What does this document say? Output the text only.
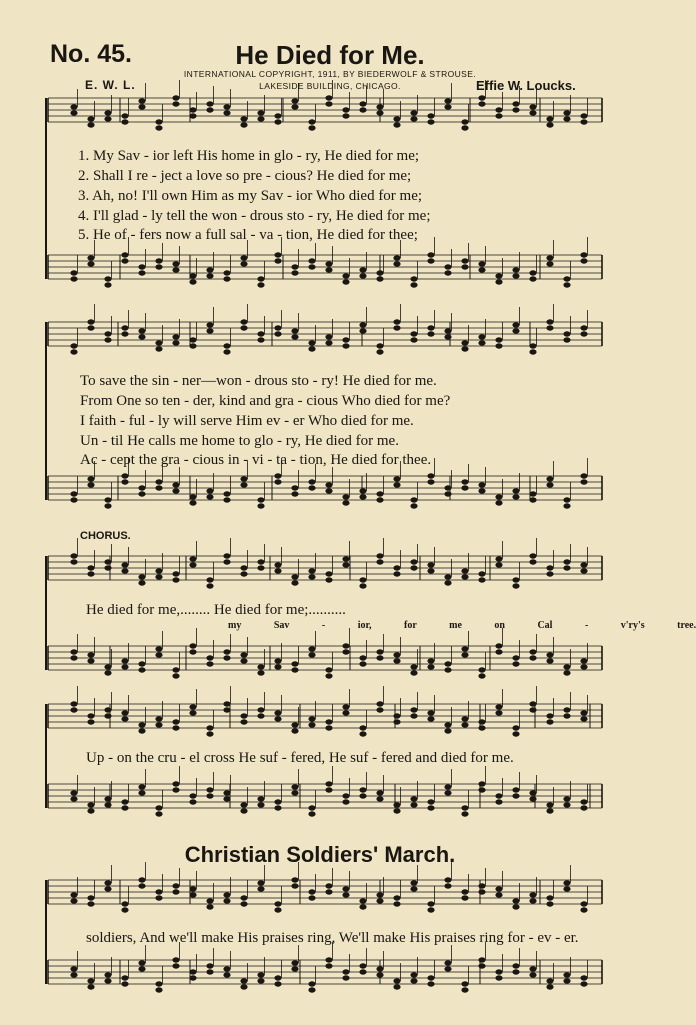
No. 45.	He Died for Me.
INTERNATIONAL COPYRIGHT, 1911, BY BIEDERWOLF & STROUSE.
LAKESIDE BUILDING, CHICAGO.
E. W. L.	Effie W. Loucks.
1. My Sav - ior left His home in glo - ry, He died for me;
2. Shall I re - ject a love so pre - cious? He died for me;
3. Ah, no! I'll own Him as my Sav - ior Who died for me;
4. I'll glad - ly tell the won - drous sto - ry, He died for me;
5. He of - fers now a full sal - va - tion, He died for thee;
To save the sin - ner—won - drous sto - ry! He died for me.
From One so ten - der, kind and gra - cious Who died for me?
I faith - ful - ly will serve Him ev - er Who died for me.
Un - til He calls me home to glo - ry, He died for me.
Ac - cept the gra - cious in - vi - ta - tion, He died for thee.
CHORUS.
He died for me,........ He died for me;..........
my Sav - ior, for me on Cal - v'ry's tree.
Up - on the cru - el cross He suf - fered, He suf - fered and died for me.
Christian Soldiers' March.
soldiers, And we'll make His praises ring, We'll make His praises ring for - ev - er.
